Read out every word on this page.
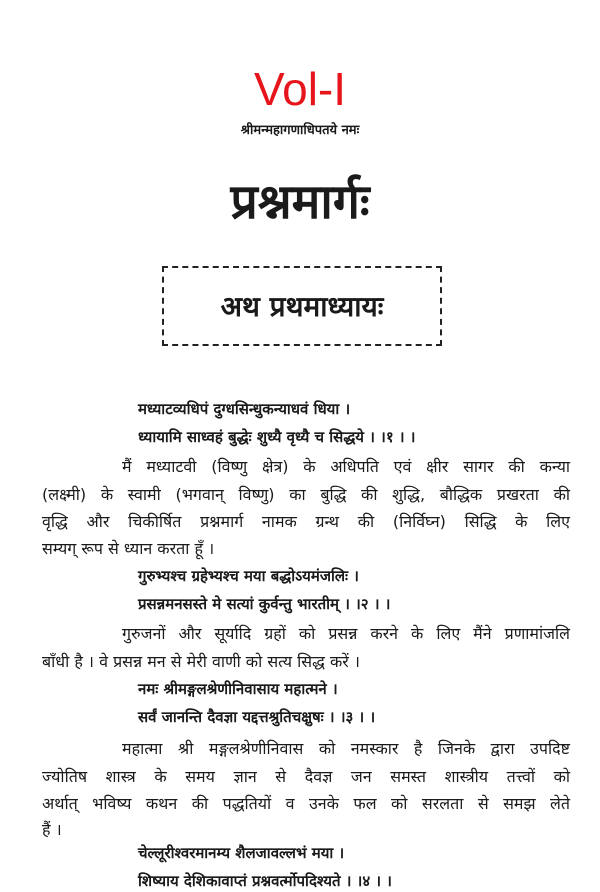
Vol-I
श्रीमन्महागणाधिपतये नमः
प्रश्नमार्गः
अथ प्रथमाध्यायः
मध्याटव्यधिपं दुग्धसिन्धुकन्याधवं धिया ।
ध्यायामि साध्वहं बुद्धेः शुध्यै वृध्यै च सिद्धये । ।१ । ।
मैं मध्याटवी (विष्णु क्षेत्र) के अधिपति एवं क्षीर सागर की कन्या
(लक्ष्मी) के स्वामी (भगवान् विष्णु) का बुद्धि की शुद्धि, बौद्धिक प्रखरता की
वृद्धि और चिकीर्षित प्रश्नमार्ग नामक ग्रन्थ की (निर्विघ्न) सिद्धि के लिए
सम्यग् रूप से ध्यान करता हूँ ।
गुरुभ्यश्च ग्रहेभ्यश्च मया बद्धोऽयमंजलिः ।
प्रसन्नमनसस्ते मे सत्यां कुर्वन्तु भारतीम् । ।२ । ।
गुरुजनों और सूर्यादि ग्रहों को प्रसन्न करने के लिए मैंने प्रणामांजलि
बाँधी है । वे प्रसन्न मन से मेरी वाणी को सत्य सिद्ध करें ।
नमः श्रीमङ्गलश्रेणीनिवासाय महात्मने ।
सर्वं जानन्ति दैवज्ञा यद्दत्तश्रुतिचक्षुषः । ।३ । ।
महात्मा श्री मङ्गलश्रेणीनिवास को नमस्कार है जिनके द्वारा उपदिष्ट
ज्योतिष शास्त्र के समय ज्ञान से दैवज्ञ जन समस्त शास्त्रीय तत्त्वों को
अर्थात् भविष्य कथन की पद्धतियों व उनके फल को सरलता से समझ लेते
हैं ।
चेल्लूरीश्वरमानम्य शैलजावल्लभं मया ।
शिष्याय देशिकावाप्तं प्रश्नवर्त्मोपदिश्यते । ।४ । ।
